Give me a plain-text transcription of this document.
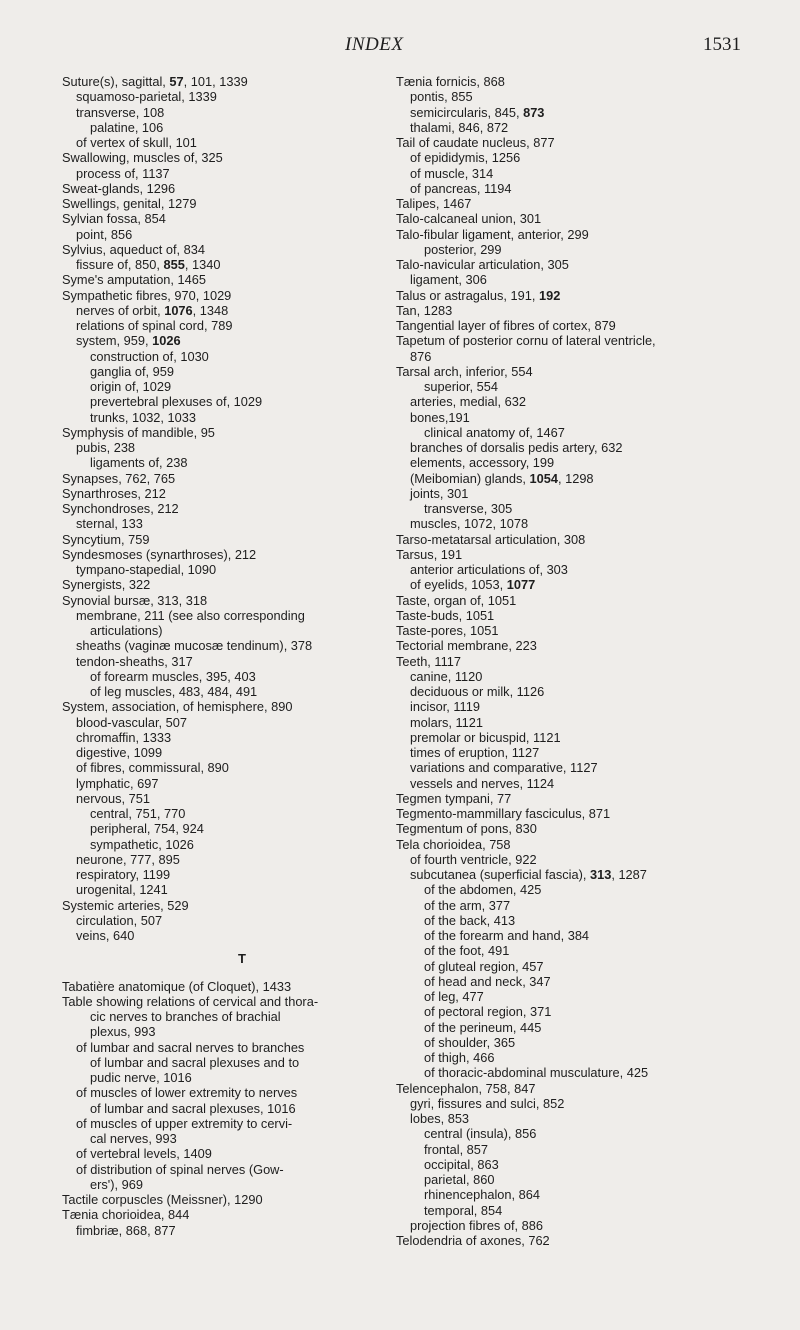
INDEX	1531
Suture(s), sagittal, 57, 101, 1339
squamoso-parietal, 1339
transverse, 108
palatine, 106
of vertex of skull, 101
Swallowing, muscles of, 325
process of, 1137
Sweat-glands, 1296
Swellings, genital, 1279
Sylvian fossa, 854
point, 856
Sylvius, aqueduct of, 834
fissure of, 850, 855, 1340
Syme's amputation, 1465
Sympathetic fibres, 970, 1029
nerves of orbit, 1076, 1348
relations of spinal cord, 789
system, 959, 1026
construction of, 1030
ganglia of, 959
origin of, 1029
prevertebral plexuses of, 1029
trunks, 1032, 1033
Symphysis of mandible, 95
pubis, 238
ligaments of, 238
Synapses, 762, 765
Synarthroses, 212
Synchondroses, 212
sternal, 133
Syncytium, 759
Syndesmoses (synarthroses), 212
tympano-stapedial, 1090
Synergists, 322
Synovial bursæ, 313, 318
membrane, 211 (see also corresponding
articulations)
sheaths (vaginæ mucosæ tendinum), 378
tendon-sheaths, 317
of forearm muscles, 395, 403
of leg muscles, 483, 484, 491
System, association, of hemisphere, 890
blood-vascular, 507
chromaffin, 1333
digestive, 1099
of fibres, commissural, 890
lymphatic, 697
nervous, 751
central, 751, 770
peripheral, 754, 924
sympathetic, 1026
neurone, 777, 895
respiratory, 1199
urogenital, 1241
Systemic arteries, 529
circulation, 507
veins, 640
T
Tabatière anatomique (of Cloquet), 1433
Table showing relations of cervical and thora-
cic nerves to branches of brachial
plexus, 993
of lumbar and sacral nerves to branches
of lumbar and sacral plexuses and to
pudic nerve, 1016
of muscles of lower extremity to nerves
of lumbar and sacral plexuses, 1016
of muscles of upper extremity to cervi-
cal nerves, 993
of vertebral levels, 1409
of distribution of spinal nerves (Gow-
ers'), 969
Tactile corpuscles (Meissner), 1290
Tænia chorioidea, 844
fimbriæ, 868, 877
Tænia fornicis, 868
pontis, 855
semicircularis, 845, 873
thalami, 846, 872
Tail of caudate nucleus, 877
of epididymis, 1256
of muscle, 314
of pancreas, 1194
Talipes, 1467
Talo-calcaneal union, 301
Talo-fibular ligament, anterior, 299
posterior, 299
Talo-navicular articulation, 305
ligament, 306
Talus or astragalus, 191, 192
Tan, 1283
Tangential layer of fibres of cortex, 879
Tapetum of posterior cornu of lateral ventricle,
876
Tarsal arch, inferior, 554
superior, 554
arteries, medial, 632
bones,191
clinical anatomy of, 1467
branches of dorsalis pedis artery, 632
elements, accessory, 199
(Meibomian) glands, 1054, 1298
joints, 301
transverse, 305
muscles, 1072, 1078
Tarso-metatarsal articulation, 308
Tarsus, 191
anterior articulations of, 303
of eyelids, 1053, 1077
Taste, organ of, 1051
Taste-buds, 1051
Taste-pores, 1051
Tectorial membrane, 223
Teeth, 1117
canine, 1120
deciduous or milk, 1126
incisor, 1119
molars, 1121
premolar or bicuspid, 1121
times of eruption, 1127
variations and comparative, 1127
vessels and nerves, 1124
Tegmen tympani, 77
Tegmento-mammillary fasciculus, 871
Tegmentum of pons, 830
Tela chorioidea, 758
of fourth ventricle, 922
subcutanea (superficial fascia), 313, 1287
of the abdomen, 425
of the arm, 377
of the back, 413
of the forearm and hand, 384
of the foot, 491
of gluteal region, 457
of head and neck, 347
of leg, 477
of pectoral region, 371
of the perineum, 445
of shoulder, 365
of thigh, 466
of thoracic-abdominal musculature, 425
Telencephalon, 758, 847
gyri, fissures and sulci, 852
lobes, 853
central (insula), 856
frontal, 857
occipital, 863
parietal, 860
rhinencephalon, 864
temporal, 854
projection fibres of, 886
Telodendria of axones, 762
